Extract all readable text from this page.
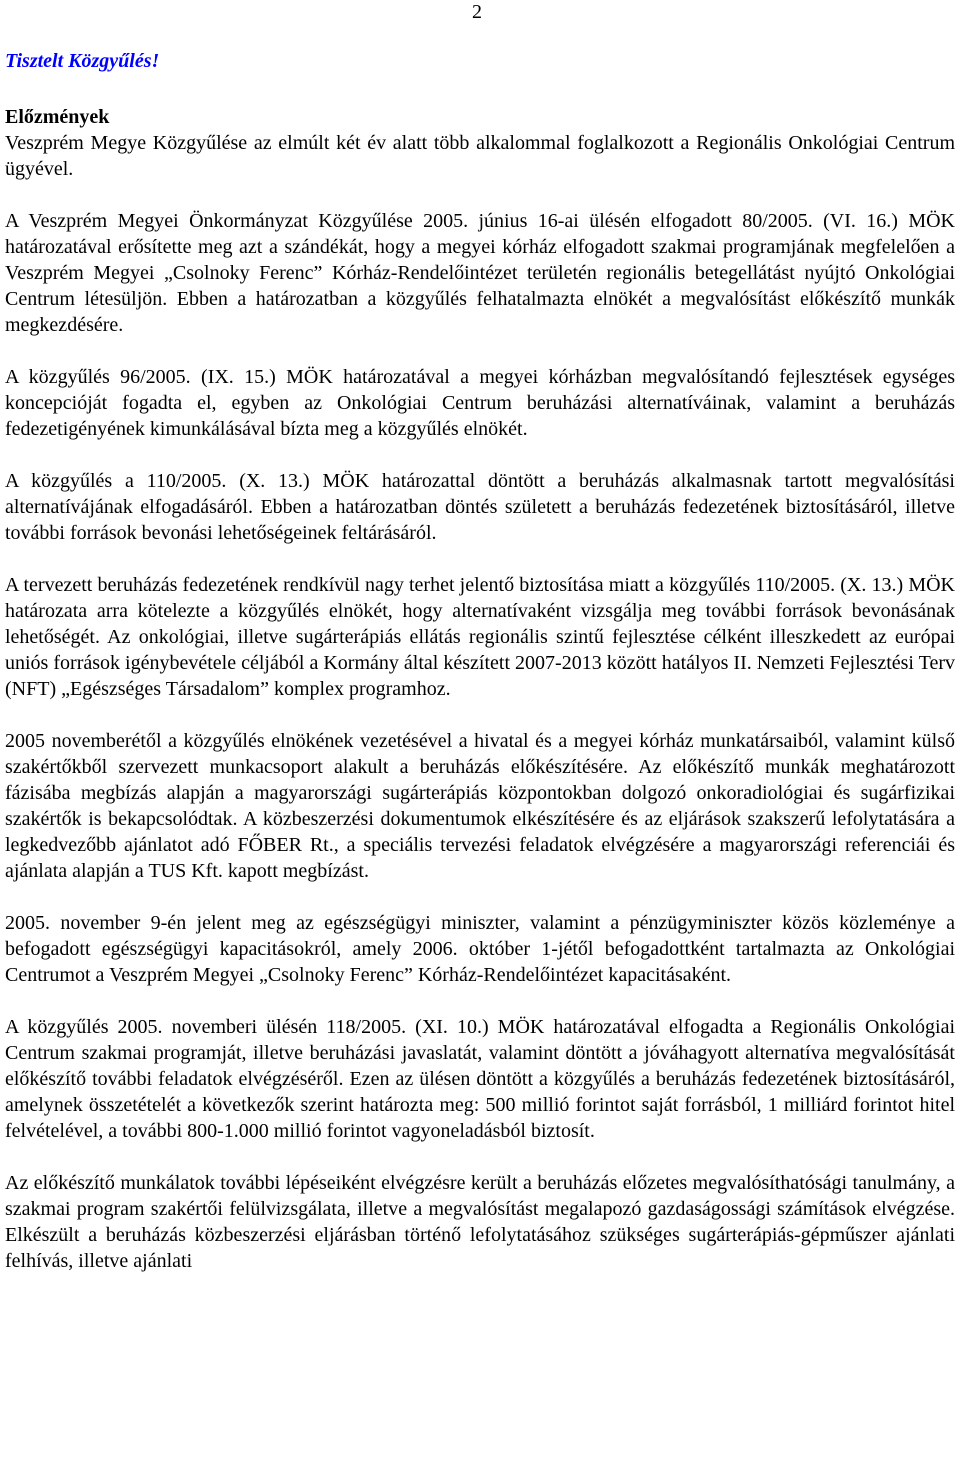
2
Tisztelt Közgyűlés!
Előzmények

Veszprém Megye Közgyűlése az elmúlt két év alatt több alkalommal foglalkozott a Regionális Onkológiai Centrum ügyével.

A Veszprém Megyei Önkormányzat Közgyűlése 2005. június 16-ai ülésén elfogadott 80/2005. (VI. 16.) MÖK határozatával erősítette meg azt a szándékát, hogy a megyei kórház elfogadott szakmai programjának megfelelően a Veszprém Megyei „Csolnoky Ferenc” Kórház-Rendelőintézet területén regionális betegellátást nyújtó Onkológiai Centrum létesüljön. Ebben a határozatban a közgyűlés felhatalmazta elnökét a megvalósítást előkészítő munkák megkezdésére.

A közgyűlés 96/2005. (IX. 15.) MÖK határozatával a megyei kórházban megvalósítandó fejlesztések egységes koncepcióját fogadta el, egyben az Onkológiai Centrum beruházási alternatíváinak, valamint a beruházás fedezetigényének kimunkálásával bízta meg a közgyűlés elnökét.

A közgyűlés a 110/2005. (X. 13.) MÖK határozattal döntött a beruházás alkalmasnak tartott megvalósítási alternatívájának elfogadásáról. Ebben a határozatban döntés született a beruházás fedezetének biztosításáról, illetve további források bevonási lehetőségeinek feltárásáról.

A tervezett beruházás fedezetének rendkívül nagy terhet jelentő biztosítása miatt a közgyűlés 110/2005. (X. 13.) MÖK határozata arra kötelezte a közgyűlés elnökét, hogy alternatívaként vizsgálja meg további források bevonásának lehetőségét. Az onkológiai, illetve sugárterápiás ellátás regionális szintű fejlesztése célként illeszkedett az európai uniós források igénybevétele céljából a Kormány által készített 2007-2013 között hatályos II. Nemzeti Fejlesztési Terv (NFT) „Egészséges Társadalom” komplex programhoz.

2005 novemberétől a közgyűlés elnökének vezetésével a hivatal és a megyei kórház munkatársaiból, valamint külső szakértőkből szervezett munkacsoport alakult a beruházás előkészítésére. Az előkészítő munkák meghatározott fázisába megbízás alapján a magyarországi sugárterápiás központokban dolgozó onkoradiológiai és sugárfizikai szakértők is bekapcsolódtak. A közbeszerzési dokumentumok elkészítésére és az eljárások szakszerű lefolytatására a legkedvezőbb ajánlatot adó FŐBER Rt., a speciális tervezési feladatok elvégzésére a magyarországi referenciái és ajánlata alapján a TUS Kft. kapott megbízást.

2005. november 9-én jelent meg az egészségügyi miniszter, valamint a pénzügyminiszter közös közleménye a befogadott egészségügyi kapacitásokról, amely 2006. október 1-jétől befogadottként tartalmazta az Onkológiai Centrumot a Veszprém Megyei „Csolnoky Ferenc” Kórház-Rendelőintézet kapacitásaként.

A közgyűlés 2005. novemberi ülésén 118/2005. (XI. 10.) MÖK határozatával elfogadta a Regionális Onkológiai Centrum szakmai programját, illetve beruházási javaslatát, valamint döntött a jóváhagyott alternatíva megvalósítását előkészítő további feladatok elvégzéséről. Ezen az ülésen döntött a közgyűlés a beruházás fedezetének biztosításáról, amelynek összetételét a következők szerint határozta meg: 500 millió forintot saját forrásból, 1 milliárd forintot hitel felvételével, a további 800-1.000 millió forintot vagyoneladásból biztosít.

Az előkészítő munkálatok további lépéseiként elvégzésre került a beruházás előzetes megvalósíthatósági tanulmány, a szakmai program szakértői felülvizsgálata, illetve a megvalósítást megalapozó gazdaságossági számítások elvégzése. Elkészült a beruházás közbeszerzési eljárásban történő lefolytatásához szükséges sugárterápiás-gépműszer ajánlati felhívás, illetve ajánlati
